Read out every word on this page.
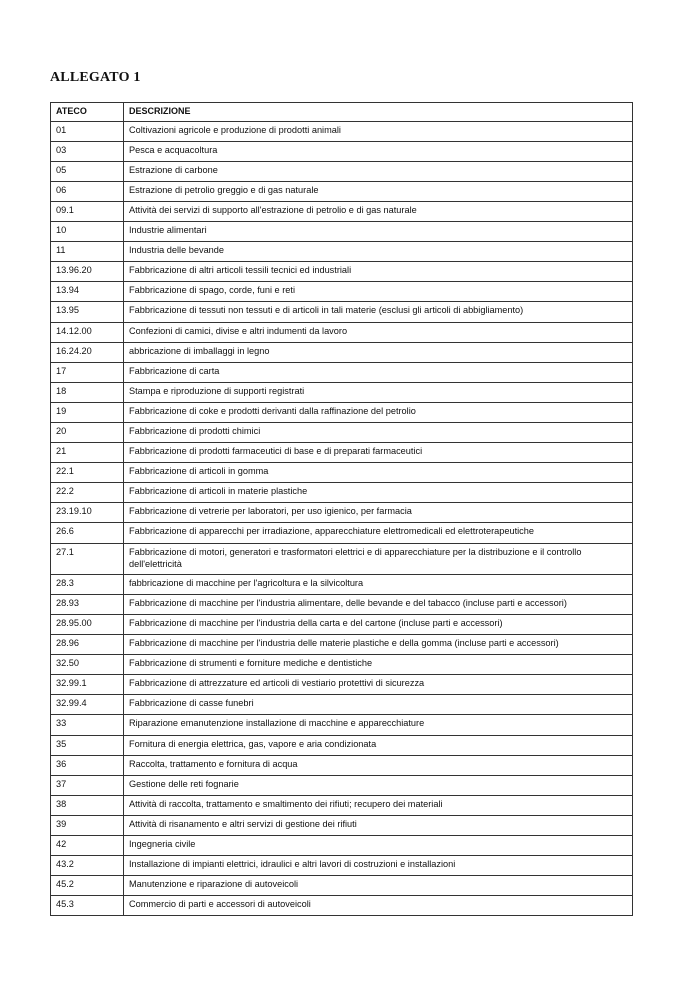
ALLEGATO 1
ATECO	DESCRIZIONE
01	Coltivazioni agricole e produzione di prodotti animali
03	Pesca e acquacoltura
05	Estrazione di carbone
06	Estrazione di petrolio greggio e di gas naturale
09.1	Attività dei servizi di supporto all'estrazione di petrolio e di gas naturale
10	Industrie alimentari
11	Industria delle bevande
13.96.20	Fabbricazione di altri articoli tessili tecnici ed industriali
13.94	Fabbricazione di spago, corde, funi e reti
13.95	Fabbricazione di tessuti non tessuti e di articoli in tali materie (esclusi gli articoli di abbigliamento)
14.12.00	Confezioni di camici, divise e altri indumenti da lavoro
16.24.20	abbricazione di imballaggi in legno
17	Fabbricazione di carta
18	Stampa e riproduzione di supporti registrati
19	Fabbricazione di coke e prodotti derivanti dalla raffinazione del petrolio
20	Fabbricazione di prodotti chimici
21	Fabbricazione di prodotti farmaceutici di base e di preparati farmaceutici
22.1	Fabbricazione di articoli in gomma
22.2	Fabbricazione di articoli in materie plastiche
23.19.10	Fabbricazione di vetrerie per laboratori, per uso igienico, per farmacia
26.6	Fabbricazione di apparecchi per irradiazione, apparecchiature elettromedicali ed elettroterapeutiche
27.1	Fabbricazione di motori, generatori e trasformatori elettrici e di apparecchiature per la distribuzione e il controllo dell'elettricità
28.3	fabbricazione di macchine per l'agricoltura e la silvicoltura
28.93	Fabbricazione di macchine per l'industria alimentare, delle bevande e del tabacco (incluse parti e accessori)
28.95.00	Fabbricazione di macchine per l'industria della carta e del cartone (incluse parti e accessori)
28.96	Fabbricazione di macchine per l'industria delle materie plastiche e della gomma (incluse parti e accessori)
32.50	Fabbricazione di strumenti e forniture mediche e dentistiche
32.99.1	Fabbricazione di attrezzature ed articoli di vestiario protettivi di sicurezza
32.99.4	Fabbricazione di casse funebri
33	Riparazione emanutenzione installazione di macchine e apparecchiature
35	Fornitura di energia elettrica, gas, vapore e aria condizionata
36	Raccolta, trattamento e fornitura di acqua
37	Gestione delle reti fognarie
38	Attività di raccolta, trattamento e smaltimento dei rifiuti; recupero dei materiali
39	Attività di risanamento e altri servizi di gestione dei rifiuti
42	Ingegneria civile
43.2	Installazione di impianti elettrici, idraulici e altri lavori di costruzioni e installazioni
45.2	Manutenzione e riparazione di autoveicoli
45.3	Commercio di parti e accessori di autoveicoli
